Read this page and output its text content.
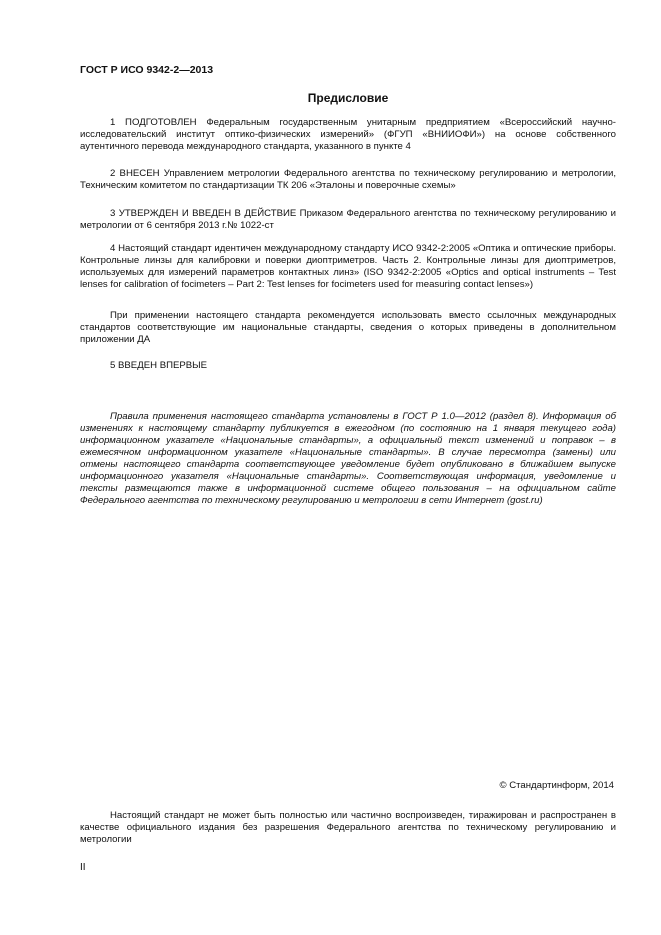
ГОСТ Р ИСО 9342-2—2013
Предисловие

1 ПОДГОТОВЛЕН Федеральным государственным унитарным предприятием «Всероссийский научно-исследовательский институт оптико-физических измерений» (ФГУП «ВНИИОФИ») на основе собственного аутентичного перевода международного стандарта, указанного в пункте 4

2 ВНЕСЕН Управлением метрологии Федерального агентства по техническому регулированию и метрологии, Техническим комитетом по стандартизации ТК 206 «Эталоны и поверочные схемы»

3 УТВЕРЖДЕН И ВВЕДЕН В ДЕЙСТВИЕ Приказом Федерального агентства по техническому регулированию и метрологии от 6 сентября 2013 г.№ 1022-ст

4 Настоящий стандарт идентичен международному стандарту ИСО 9342-2:2005 «Оптика и оптические приборы. Контрольные линзы для калибровки и поверки диоптриметров. Часть 2. Контрольные линзы для диоптриметров, используемых для измерений параметров контактных линз» (ISO 9342-2:2005 «Optics and optical instruments – Test lenses for calibration of focimeters – Part 2: Test lenses for focimeters used for measuring contact lenses»)

При применении настоящего стандарта рекомендуется использовать вместо ссылочных международных стандартов соответствующие им национальные стандарты, сведения о которых приведены в дополнительном приложении ДА

5 ВВЕДЕН ВПЕРВЫЕ

Правила применения настоящего стандарта установлены в ГОСТ Р 1.0—2012 (раздел 8). Информация об изменениях к настоящему стандарту публикуется в ежегодном (по состоянию на 1 января текущего года) информационном указателе «Национальные стандарты», а официальный текст изменений и поправок – в ежемесячном информационном указателе «Национальные стандарты». В случае пересмотра (замены) или отмены настоящего стандарта соответствующее уведомление будет опубликовано в ближайшем выпуске информационного указателя «Национальные стандарты». Соответствующая информация, уведомление и тексты размещаются также в информационной системе общего пользования – на официальном сайте Федерального агентства по техническому регулированию и метрологии в сети Интернет (gost.ru)

© Стандартинформ, 2014

Настоящий стандарт не может быть полностью или частично воспроизведен, тиражирован и распространен в качестве официального издания без разрешения Федерального агентства по техническому регулированию и метрологии

II
